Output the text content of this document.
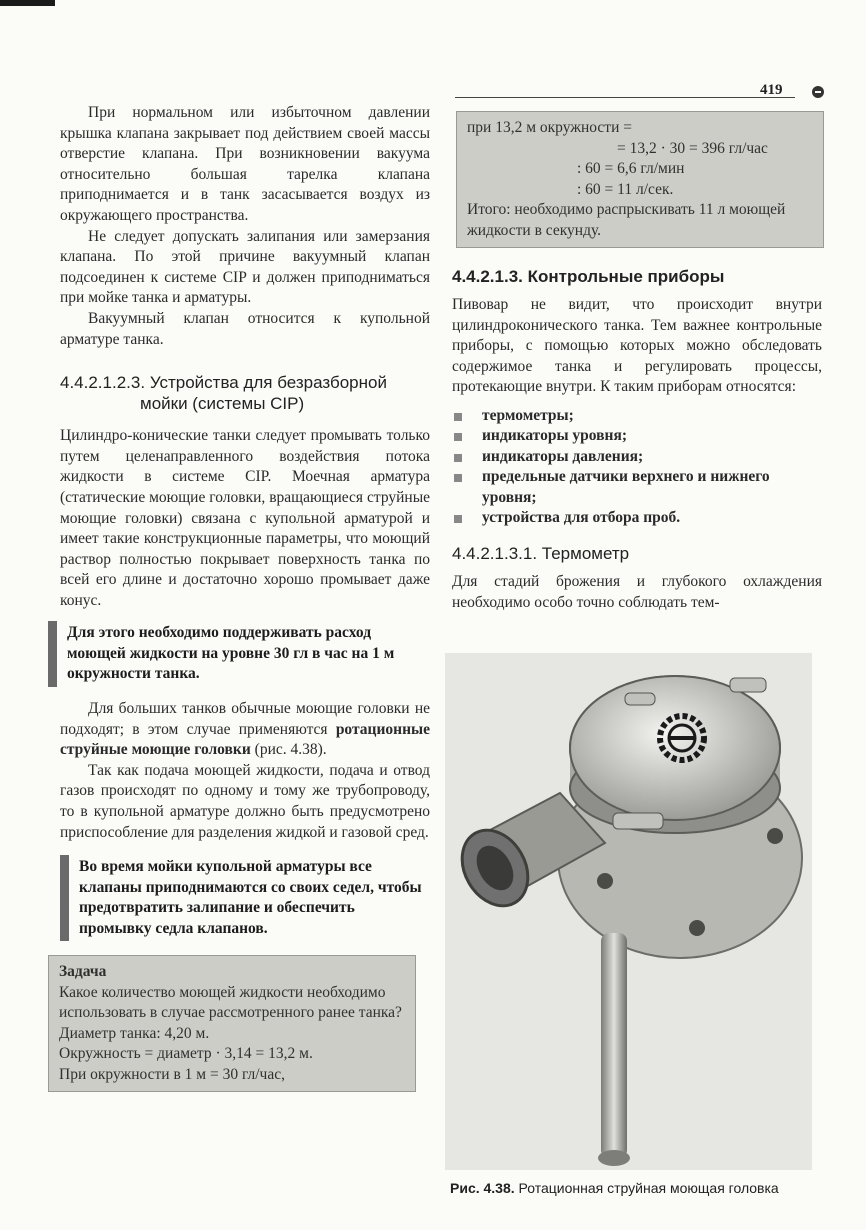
419

При нормальном или избыточном давлении крышка клапана закрывает под действием своей массы отверстие клапана. При возникновении вакуума относительно большая тарелка клапана приподнимается и в танк засасывается воздух из окружающего пространства.

Не следует допускать залипания или замерзания клапана. По этой причине вакуумный клапан подсоединен к системе CIP и должен приподниматься при мойке танка и арматуры.

Вакуумный клапан относится к купольной арматуре танка.

4.4.2.1.2.3. Устройства для безразборной
мойки (системы CIP)

Цилиндро-конические танки следует промывать только путем целенаправленного воздействия потока жидкости в системе CIP. Моечная арматура (статические моющие головки, вращающиеся струйные моющие головки) связана с купольной арматурой и имеет такие конструкционные параметры, что моющий раствор полностью покрывает поверхность танка по всей его длине и достаточно хорошо промывает даже конус.

Для этого необходимо поддерживать расход моющей жидкости на уровне 30 гл в час на 1 м окружности танка.

Для больших танков обычные моющие головки не подходят; в этом случае применяются ротационные струйные моющие головки (рис. 4.38).

Так как подача моющей жидкости, подача и отвод газов происходят по одному и тому же трубопроводу, то в купольной арматуре должно быть предусмотрено приспособление для разделения жидкой и газовой сред.

Во время мойки купольной арматуры все клапаны приподнимаются со своих седел, чтобы предотвратить залипание и обеспечить промывку седла клапанов.
Задача
Какое количество моющей жидкости необходимо использовать в случае рассмотренного ранее танка?
Диаметр танка: 4,20 м.
Окружность = диаметр · 3,14 = 13,2 м.
При окружности в 1 м = 30 гл/час,
при 13,2 м окружности =
= 13,2 · 30 = 396 гл/час
: 60 = 6,6 гл/мин
: 60 = 11 л/сек.
Итого: необходимо распрыскивать 11 л моющей жидкости в секунду.
4.4.2.1.3. Контрольные приборы

Пивовар не видит, что происходит внутри цилиндроконического танка. Тем важнее контрольные приборы, с помощью которых можно обследовать содержимое танка и регулировать процессы, протекающие внутри. К таким приборам относятся:

термометры;
индикаторы уровня;
индикаторы давления;
предельные датчики верхнего и нижнего уровня;
устройства для отбора проб.
4.4.2.1.3.1. Термометр

Для стадий брожения и глубокого охлаждения необходимо особо точно соблюдать тем-

Рис. 4.38. Ротационная струйная моющая головка
